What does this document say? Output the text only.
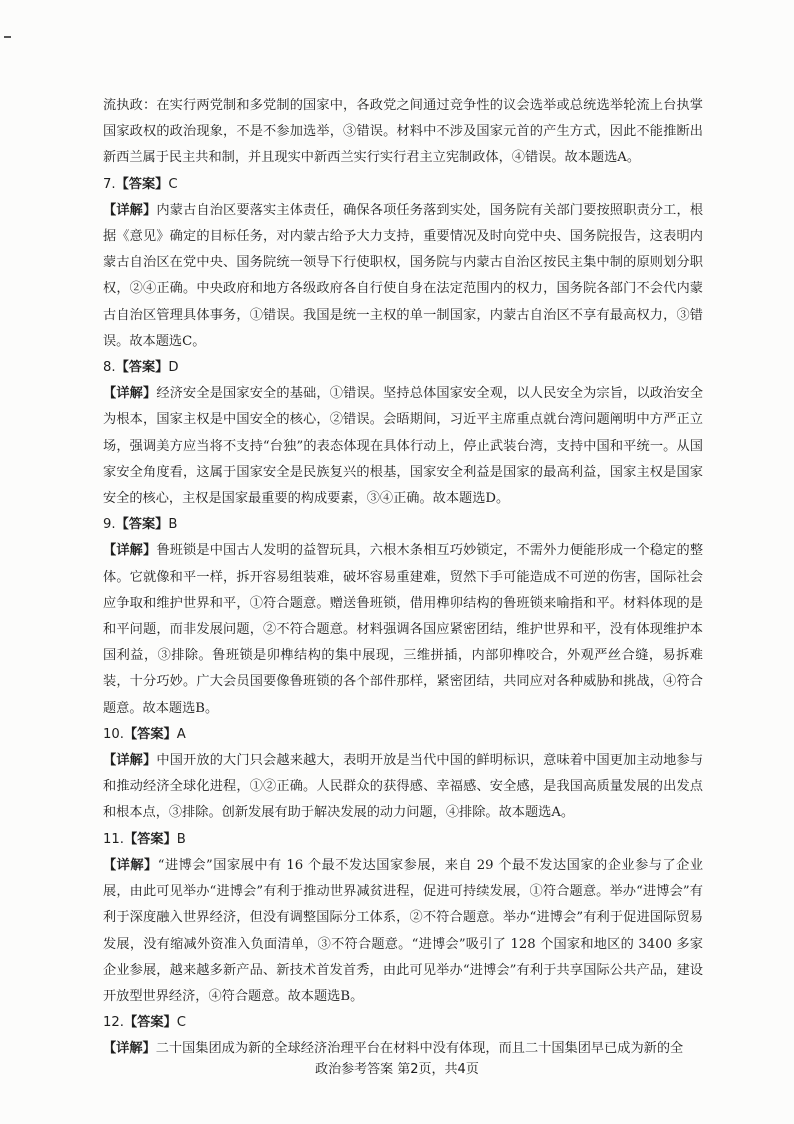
流执政：在实行两党制和多党制的国家中，各政党之间通过竞争性的议会选举或总统选举轮流上台执掌国家政权的政治现象，不是不参加选举，③错误。材料中不涉及国家元首的产生方式，因此不能推断出新西兰属于民主共和制，并且现实中新西兰实行实行君主立宪制政体，④错误。故本题选A。

7.【答案】C

【详解】内蒙古自治区要落实主体责任，确保各项任务落到实处，国务院有关部门要按照职责分工，根据《意见》确定的目标任务，对内蒙古给予大力支持，重要情况及时向党中央、国务院报告，这表明内蒙古自治区在党中央、国务院统一领导下行使职权，国务院与内蒙古自治区按民主集中制的原则划分职权，②④正确。中央政府和地方各级政府各自行使自身在法定范围内的权力，国务院各部门不会代内蒙古自治区管理具体事务，①错误。我国是统一主权的单一制国家，内蒙古自治区不享有最高权力，③错误。故本题选C。

8.【答案】D

【详解】经济安全是国家安全的基础，①错误。坚持总体国家安全观，以人民安全为宗旨，以政治安全为根本，国家主权是中国安全的核心，②错误。会晤期间，习近平主席重点就台湾问题阐明中方严正立场，强调美方应当将不支持“台独”的表态体现在具体行动上，停止武装台湾，支持中国和平统一。从国家安全角度看，这属于国家安全是民族复兴的根基，国家安全利益是国家的最高利益，国家主权是国家安全的核心，主权是国家最重要的构成要素，③④正确。故本题选D。

9.【答案】B

【详解】鲁班锁是中国古人发明的益智玩具，六根木条相互巧妙锁定，不需外力便能形成一个稳定的整体。它就像和平一样，拆开容易组装难，破坏容易重建难，贸然下手可能造成不可逆的伤害，国际社会应争取和维护世界和平，①符合题意。赠送鲁班锁，借用榫卯结构的鲁班锁来喻指和平。材料体现的是和平问题，而非发展问题，②不符合题意。材料强调各国应紧密团结，维护世界和平，没有体现维护本国利益，③排除。鲁班锁是卯榫结构的集中展现，三维拼插，内部卯榫咬合，外观严丝合缝，易拆难装，十分巧妙。广大会员国要像鲁班锁的各个部件那样，紧密团结，共同应对各种威胁和挑战，④符合题意。故本题选B。

10.【答案】A

【详解】中国开放的大门只会越来越大，表明开放是当代中国的鲜明标识，意味着中国更加主动地参与和推动经济全球化进程，①②正确。人民群众的获得感、幸福感、安全感，是我国高质量发展的出发点和根本点，③排除。创新发展有助于解决发展的动力问题，④排除。故本题选A。

11.【答案】B

【详解】“进博会”国家展中有 16 个最不发达国家参展，来自 29 个最不发达国家的企业参与了企业展，由此可见举办“进博会”有利于推动世界减贫进程，促进可持续发展，①符合题意。举办“进博会”有利于深度融入世界经济，但没有调整国际分工体系，②不符合题意。举办“进博会”有利于促进国际贸易发展，没有缩减外资准入负面清单，③不符合题意。“进博会”吸引了 128 个国家和地区的 3400 多家企业参展，越来越多新产品、新技术首发首秀，由此可见举办“进博会”有利于共享国际公共产品，建设开放型世界经济，④符合题意。故本题选B。

12.【答案】C

【详解】二十国集团成为新的全球经济治理平台在材料中没有体现，而且二十国集团早已成为新的全

政治参考答案 第2页，共4页
